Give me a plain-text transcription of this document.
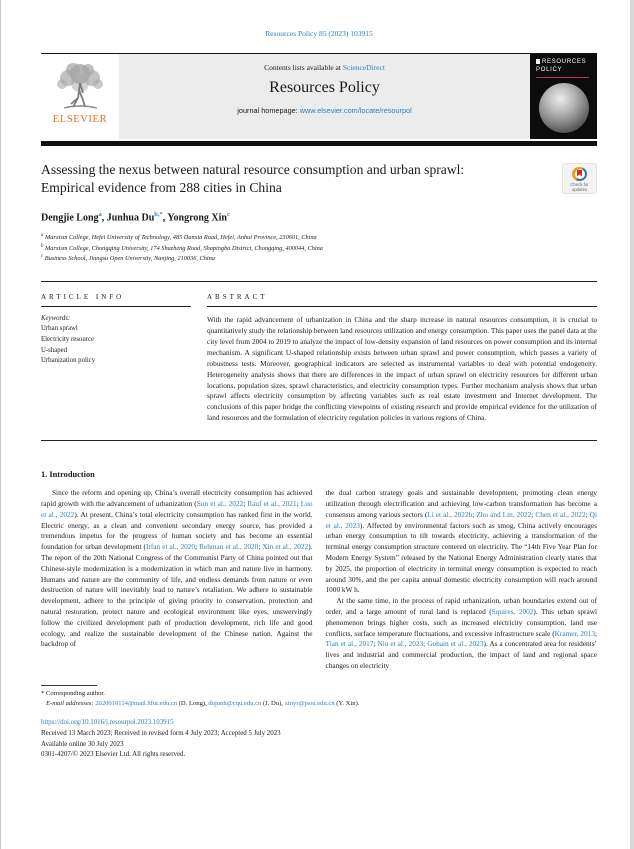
Resources Policy 85 (2023) 103915
ELSEVIER
Contents lists available at ScienceDirect
Resources Policy
journal homepage: www.elsevier.com/locate/resourpol
RESOURCES
POLICY
Assessing the nexus between natural resource consumption and urban sprawl: Empirical evidence from 288 cities in China	Check for updates
Dengjie Long$^a$, Junhua $Du^{b,*}$, Yongrong Xin$^c$
$^a$ Marxism College, Hefei University of Technology, 485 Danxia Road, Hefei, Anhui Province, 230601, China
$^b$ Marxism College, Chongqing University, 174 Shazheng Road, Shapingba District, Chongqing, 400044, China
$^c$ Business School, Jiangsu Open University, Nanjing, 210036, China
ARTICLE INFO
Keywords:
Urban sprawl
Electricity resource
U-shaped
Urbanization policy
ABSTRACT
With the rapid advancement of urbanization in China and the sharp increase in natural resources consumption, it is crucial to quantitatively study the relationship between land resources utilization and energy consumption. This paper uses the panel data at the city level from 2004 to 2019 to analyze the impact of low-density expansion of land resources on power consumption and its internal mechanism. A significant U-shaped relationship exists between urban sprawl and power consumption, which passes a variety of robustness tests. Moreover, geographical indicators are selected as instrumental variables to deal with potential endogeneity. Heterogeneity analysis shows that there are differences in the impact of urban sprawl on electricity resources for different urban locations, population sizes, sprawl characteristics, and electricity consumption types. Further mechanism analysis shows that urban sprawl affects electricity consumption by affecting variables such as real estate investment and Internet development. The conclusions of this paper bridge the conflicting viewpoints of existing research and provide empirical evidence for the utilization of land resources and the formulation of electricity regulation policies in various regions of China.
1. Introduction

Since the reform and opening up, China’s overall electricity consumption has achieved rapid growth with the advancement of urbanization (Sun et al., 2022; Rauf et al., 2021; Luo et al., 2022). At present, China’s total electricity consumption has ranked first in the world. Electric energy, as a clean and convenient secondary energy source, has provided a tremendous impetus for the progress of human society and has become an essential foundation for urban development (Irfan et al., 2020; Rehman et al., 2020; Xin et al., 2022). The report of the 20th National Congress of the Communist Party of China pointed out that Chinese-style modernization is a modernization in which man and nature live in harmony. Humans and nature are the community of life, and endless demands from nature or even destruction of nature will inevitably lead to nature’s retaliation. We adhere to sustainable development, adhere to the principle of giving priority to conservation, protection and natural restoration, protect nature and ecological environment like eyes, unswervingly follow the civilized development path of production development, rich life and good ecology, and realize the sustainable development of the Chinese nation. Against the backdrop of

the dual carbon strategy goals and sustainable development, promoting clean energy utilization through electrification and achieving low-carbon transformation has become a consensus among various sectors (Li et al., 2022b; Zhu and Lin, 2022; Chen et al., 2022; Qi et al., 2023). Affected by environmental factors such as smog, China actively encourages urban energy consumption to tilt towards electricity, achieving a transformation of the terminal energy consumption structure centered on electricity. The “14th Five Year Plan for Modern Energy System” released by the National Energy Administration clearly states that by 2025, the proportion of electricity in terminal energy consumption is expected to reach around 30%, and the per capita annual domestic electricity consumption will reach around 1000 kW h.

At the same time, in the process of rapid urbanization, urban boundaries extend out of order, and a large amount of rural land is replaced (Squires, 2002). This urban sprawl phenomenon brings higher costs, such as increased electricity consumption, land use conflicts, surface temperature fluctuations, and excessive infrastructure scale (Kramer, 2013; Tian et al., 2017; Niu et al., 2023; Gohain et al., 2023). As a concentrated area for residents’ lives and industrial and commercial production, the impact of land and regional space changes on electricity

* Corresponding author.
E-mail addresses: 2020010114@mail.hfut.edu.cn (D. Long), dujunh@cqu.edu.cn (J. Du), xinyr@jsou.edu.cn (Y. Xin).
https://doi.org/10.1016/j.resourpol.2023.103915
Received 13 March 2023; Received in revised form 4 July 2023; Accepted 5 July 2023
Available online 30 July 2023
0301-4207/© 2023 Elsevier Ltd. All rights reserved.
